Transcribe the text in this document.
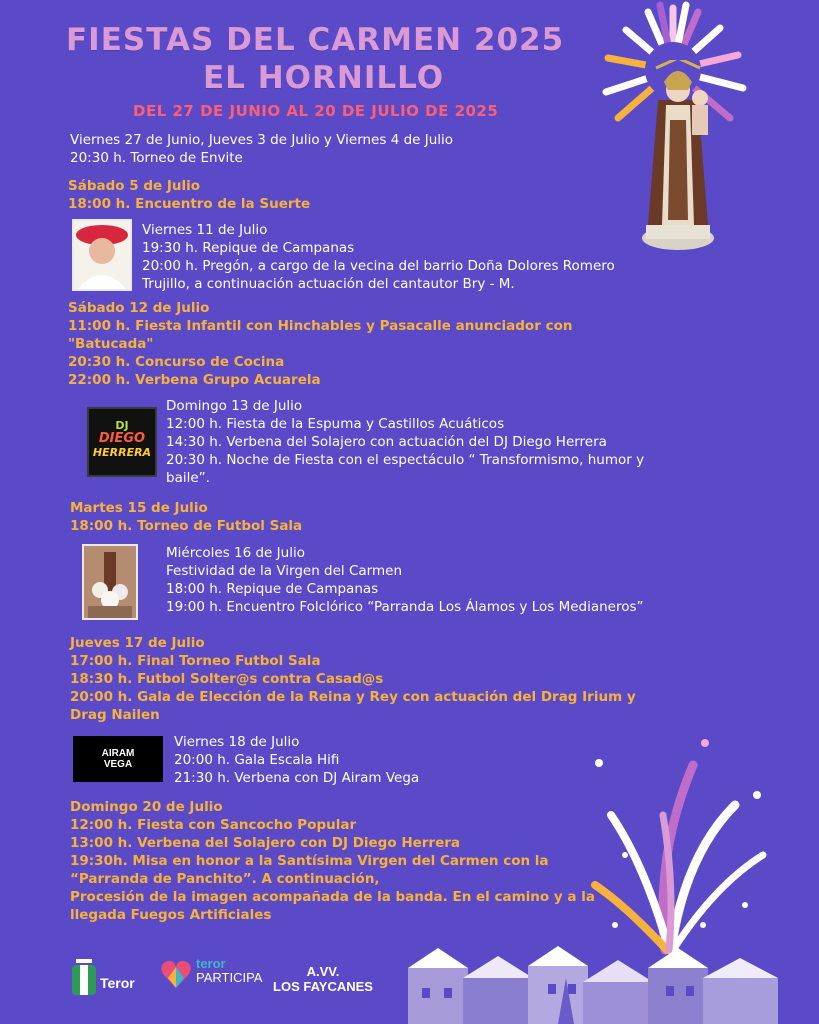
FIESTAS DEL CARMEN 2025
EL HORNILLO
DEL 27 DE JUNIO AL 20 DE JULIO DE 2025
Viernes 27 de Junio, Jueves 3 de Julio y Viernes 4 de Julio
20:30 h. Torneo de Envite
Sábado 5 de Julio
18:00 h. Encuentro de la Suerte
Viernes 11 de Julio
19:30 h. Repique de Campanas
20:00 h. Pregón, a cargo de la vecina del barrio Doña Dolores Romero
Trujillo, a continuación actuación del cantautor Bry - M.
Sábado 12 de Julio
11:00 h. Fiesta Infantil con Hinchables y Pasacalle anunciador con
"Batucada"
20:30 h. Concurso de Cocina
22:00 h. Verbena Grupo Acuarela
DJ
DIEGO
HERRERA
Domingo 13 de Julio
12:00 h. Fiesta de la Espuma y Castillos Acuáticos
14:30 h. Verbena del Solajero con actuación del DJ Diego Herrera
20:30 h. Noche de Fiesta con el espectáculo “ Transformismo, humor y
baile”.
Martes 15 de Julio
18:00 h. Torneo de Futbol Sala
Miércoles 16 de Julio
Festividad de la Virgen del Carmen
18:00 h. Repique de Campanas
19:00 h. Encuentro Folclórico “Parranda Los Álamos y Los Medianeros”
Jueves 17 de Julio
17:00 h. Final Torneo Futbol Sala
18:30 h. Futbol Solter@s contra Casad@s
20:00 h. Gala de Elección de la Reina y Rey con actuación del Drag Irium y
Drag Nailen
AIRAM
VEGA
Viernes 18 de Julio
20:00 h. Gala Escala Hifi
21:30 h. Verbena con DJ Airam Vega
Domingo 20 de Julio
12:00 h. Fiesta con Sancocho Popular
13:00 h. Verbena del Solajero con DJ Diego Herrera
19:30h. Misa en honor a la Santísima Virgen del Carmen con la
“Parranda de Panchito”. A continuación,
Procesión de la imagen acompañada de la banda. En el camino y a la
llegada Fuegos Artificiales
Teror
teror
PARTICIPA	A.VV.
LOS FAYCANES
